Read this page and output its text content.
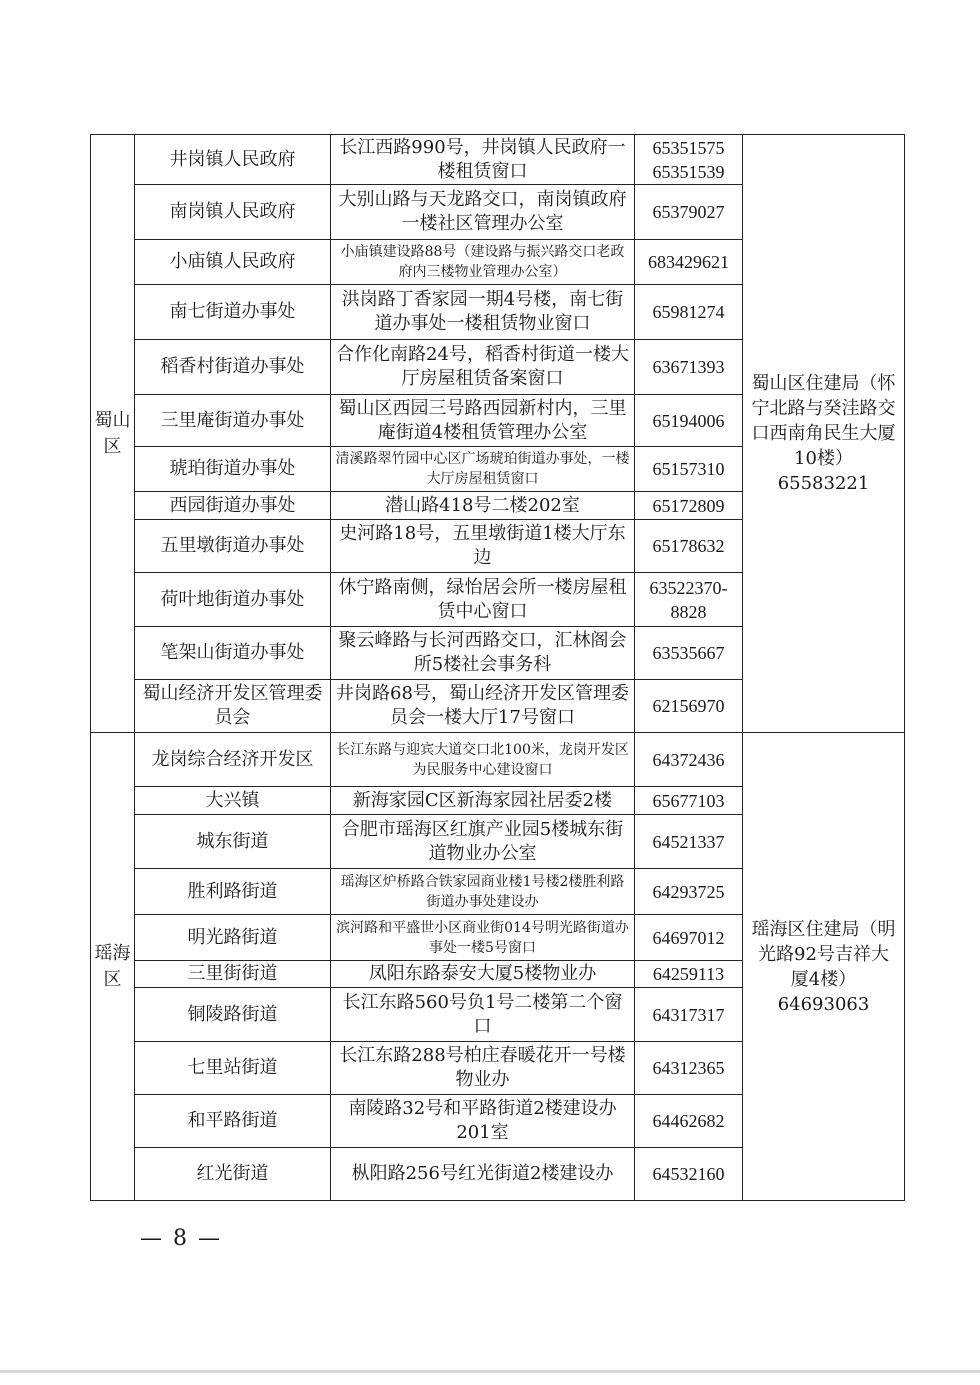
蜀山区	井岗镇人民政府	长江西路990号，井岗镇人民政府一楼租赁窗口	65351575 65351539	蜀山区住建局（怀宁北路与癸洼路交口西南角民生大厦10楼）65583221
	南岗镇人民政府	大别山路与天龙路交口，南岗镇政府一楼社区管理办公室	65379027	
	小庙镇人民政府	小庙镇建设路88号（建设路与振兴路交口老政府内三楼物业管理办公室）	683429621	
	南七街道办事处	洪岗路丁香家园一期4号楼，南七街道办事处一楼租赁物业窗口	65981274	
	稻香村街道办事处	合作化南路24号，稻香村街道一楼大厅房屋租赁备案窗口	63671393	
	三里庵街道办事处	蜀山区西园三号路西园新村内，三里庵街道4楼租赁管理办公室	65194006	
	琥珀街道办事处	清溪路翠竹园中心区广场琥珀街道办事处，一楼大厅房屋租赁窗口	65157310	
	西园街道办事处	潜山路418号二楼202室	65172809	
	五里墩街道办事处	史河路18号，五里墩街道1楼大厅东边	65178632	
	荷叶地街道办事处	休宁路南侧，绿怡居会所一楼房屋租赁中心窗口	63522370-8828	
	笔架山街道办事处	聚云峰路与长河西路交口，汇林阁会所5楼社会事务科	63535667	
	蜀山经济开发区管理委员会	井岗路68号，蜀山经济开发区管理委员会一楼大厅17号窗口	62156970	
瑶海区	龙岗综合经济开发区	长江东路与迎宾大道交口北100米，龙岗开发区为民服务中心建设窗口	64372436	瑶海区住建局（明光路92号吉祥大厦4楼）64693063
	大兴镇	新海家园C区新海家园社居委2楼	65677103	
	城东街道	合肥市瑶海区红旗产业园5楼城东街道物业办公室	64521337	
	胜利路街道	瑶海区炉桥路合铁家园商业楼1号楼2楼胜利路街道办事处建设办	64293725	
	明光路街道	滨河路和平盛世小区商业街014号明光路街道办事处一楼5号窗口	64697012	
	三里街街道	凤阳东路泰安大厦5楼物业办	64259113	
	铜陵路街道	长江东路560号负1号二楼第二个窗口	64317317	
	七里站街道	长江东路288号柏庄春暖花开一号楼物业办	64312365	
	和平路街道	南陵路32号和平路街道2楼建设办201室	64462682	
	红光街道	枞阳路256号红光街道2楼建设办	64532160	
— 8 —
